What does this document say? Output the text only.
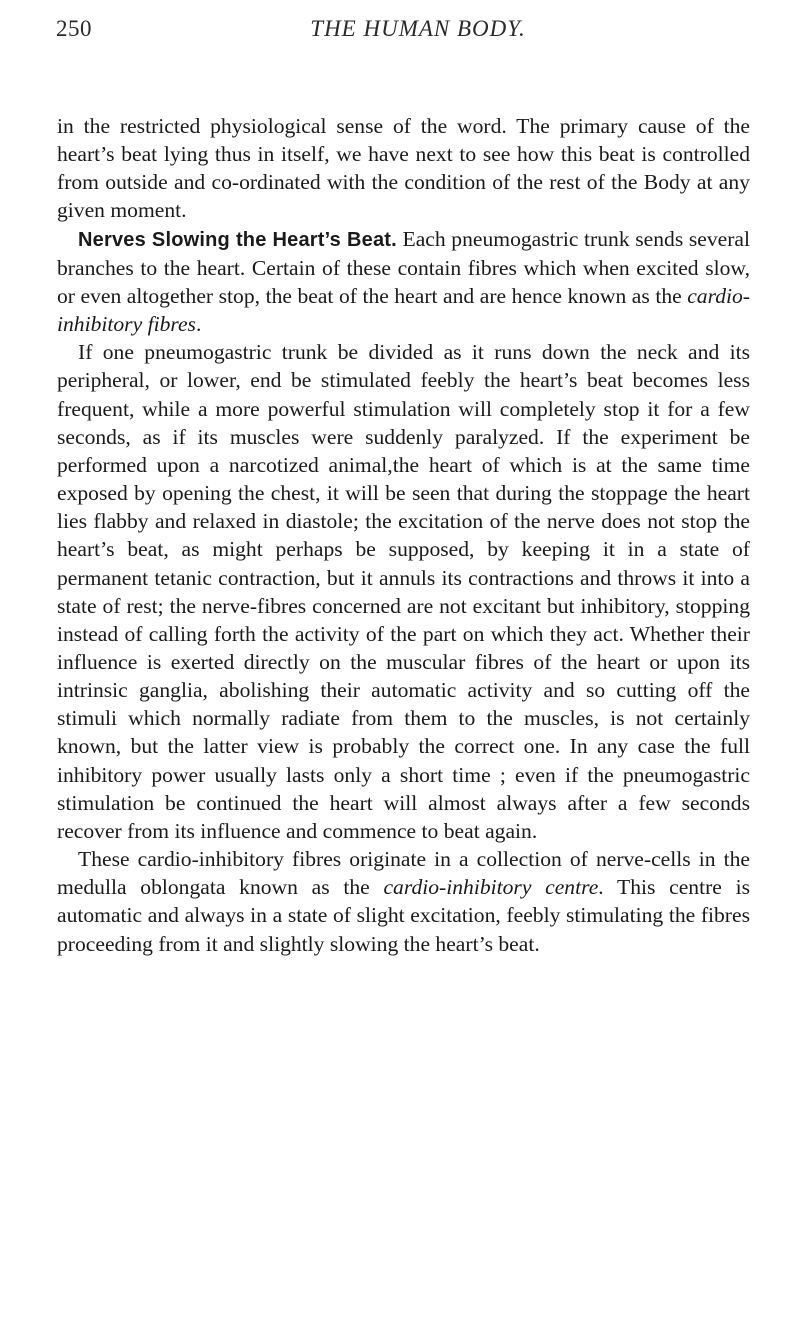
250	THE HUMAN BODY.

in the restricted physiological sense of the word. The primary cause of the heart’s beat lying thus in itself, we have next to see how this beat is controlled from outside and co-ordinated with the condition of the rest of the Body at any given moment.

Nerves Slowing the Heart’s Beat. Each pneumogastric trunk sends several branches to the heart. Certain of these contain fibres which when excited slow, or even altogether stop, the beat of the heart and are hence known as the cardio-inhibitory fibres.

If one pneumogastric trunk be divided as it runs down the neck and its peripheral, or lower, end be stimulated feebly the heart’s beat becomes less frequent, while a more powerful stimulation will completely stop it for a few seconds, as if its muscles were suddenly paralyzed. If the experiment be performed upon a narcotized animal,the heart of which is at the same time exposed by opening the chest, it will be seen that during the stoppage the heart lies flabby and relaxed in diastole; the excitation of the nerve does not stop the heart’s beat, as might perhaps be supposed, by keeping it in a state of permanent tetanic contraction, but it annuls its contractions and throws it into a state of rest; the nerve-fibres concerned are not excitant but inhibitory, stopping instead of calling forth the activity of the part on which they act. Whether their influence is exerted directly on the muscular fibres of the heart or upon its intrinsic ganglia, abolishing their automatic activity and so cutting off the stimuli which normally radiate from them to the muscles, is not certainly known, but the latter view is probably the correct one. In any case the full inhibitory power usually lasts only a short time ; even if the pneumogastric stimulation be continued the heart will almost always after a few seconds recover from its influence and commence to beat again.

These cardio-inhibitory fibres originate in a collection of nerve-cells in the medulla oblongata known as the cardio-inhibitory centre. This centre is automatic and always in a state of slight excitation, feebly stimulating the fibres proceeding from it and slightly slowing the heart’s beat.
